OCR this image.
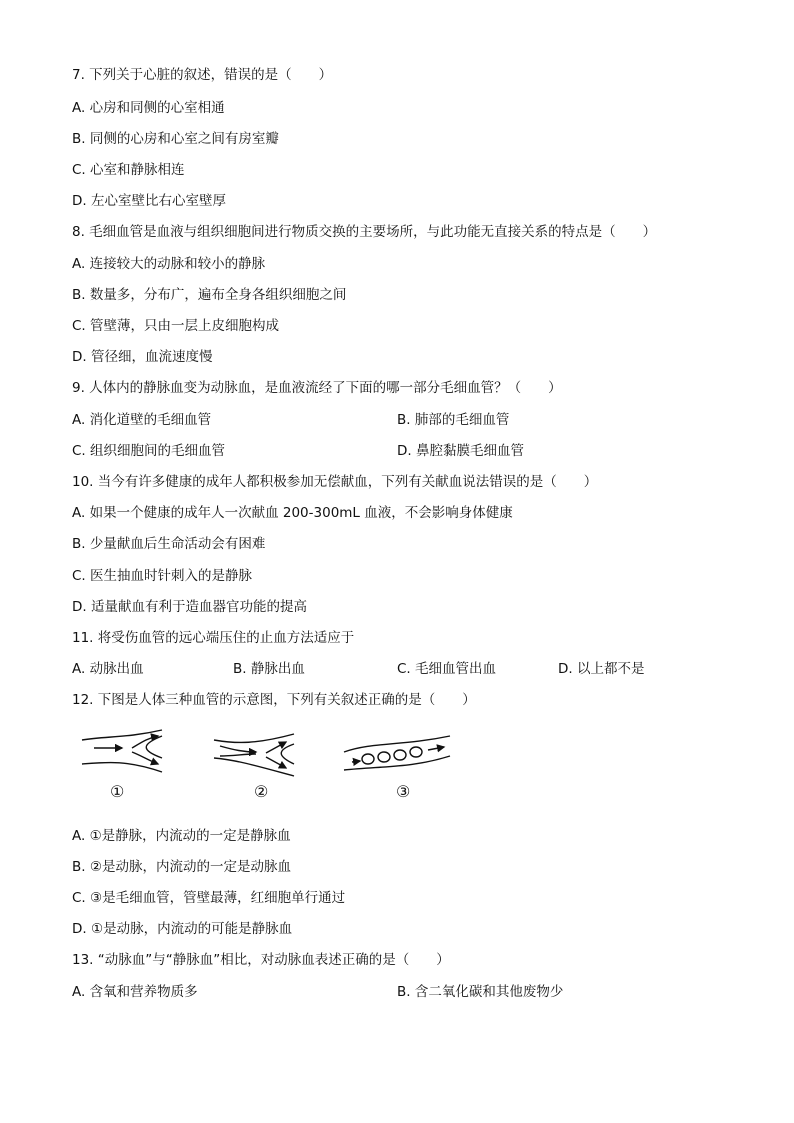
7. 下列关于心脏的叙述，错误的是（　　）
A. 心房和同侧的心室相通
B. 同侧的心房和心室之间有房室瓣
C. 心室和静脉相连
D. 左心室壁比右心室壁厚
8. 毛细血管是血液与组织细胞间进行物质交换的主要场所，与此功能无直接关系的特点是（　　）
A. 连接较大的动脉和较小的静脉
B. 数量多，分布广，遍布全身各组织细胞之间
C. 管壁薄，只由一层上皮细胞构成
D. 管径细，血流速度慢
9. 人体内的静脉血变为动脉血，是血液流经了下面的哪一部分毛细血管？（　　）
A. 消化道壁的毛细血管	B. 肺部的毛细血管
C. 组织细胞间的毛细血管	D. 鼻腔黏膜毛细血管
10. 当今有许多健康的成年人都积极参加无偿献血，下列有关献血说法错误的是（　　）
A. 如果一个健康的成年人一次献血 200-300mL 血液，不会影响身体健康
B. 少量献血后生命活动会有困难
C. 医生抽血时针刺入的是静脉
D. 适量献血有利于造血器官功能的提高
11. 将受伤血管的远心端压住的止血方法适应于
A. 动脉出血	B. 静脉出血	C. 毛细血管出血	D. 以上都不是
12. 下图是人体三种血管的示意图，下列有关叙述正确的是（　　）
①	②	③
A. ①是静脉，内流动的一定是静脉血
B. ②是动脉，内流动的一定是动脉血
C. ③是毛细血管，管壁最薄，红细胞单行通过
D. ①是动脉，内流动的可能是静脉血
13. “动脉血”与“静脉血”相比，对动脉血表述正确的是（　　）
A. 含氧和营养物质多	B. 含二氧化碳和其他废物少
